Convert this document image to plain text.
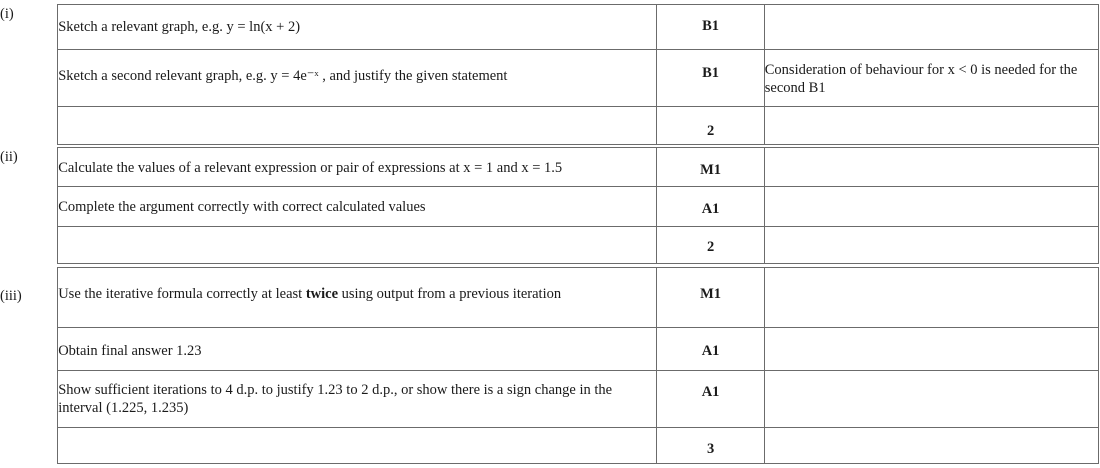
(i)	Sketch a relevant graph, e.g. y = ln(x + 2)	B1	
	Sketch a second relevant graph, e.g. y = 4e⁻ˣ , and justify the given statement	B1	Consideration of behaviour for x < 0 is needed for the second B1
		2	
(ii)	Calculate the values of a relevant expression or pair of expressions at x = 1 and x = 1.5	M1	
	Complete the argument correctly with correct calculated values	A1	
		2	
(iii)	Use the iterative formula correctly at least twice using output from a previous iteration	M1	
	Obtain final answer 1.23	A1	
	Show sufficient iterations to 4 d.p. to justify 1.23 to 2 d.p., or show there is a sign change in the interval (1.225, 1.235)	A1	
		3	
